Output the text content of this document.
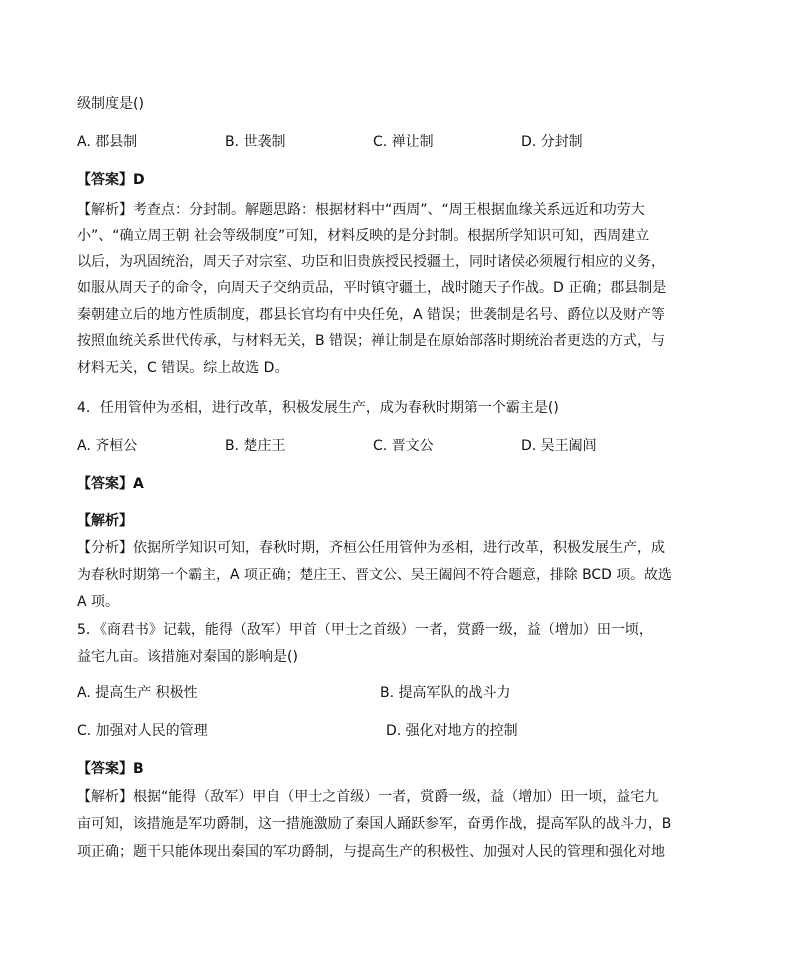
级制度是()
A. 郡县制	B. 世袭制	C. 禅让制	D. 分封制
【答案】D
【解析】考查点：分封制。解题思路：根据材料中“西周”、“周王根据血缘关系远近和功劳大
小”、“确立周王朝 社会等级制度”可知，材料反映的是分封制。根据所学知识可知，西周建立
以后，为巩固统治，周天子对宗室、功臣和旧贵族授民授疆土，同时诸侯必须履行相应的义务，
如服从周天子的命令，向周天子交纳贡品，平时镇守疆土，战时随天子作战。D 正确；郡县制是
秦朝建立后的地方性质制度，郡县长官均有中央任免，A 错误；世袭制是名号、爵位以及财产等
按照血统关系世代传承，与材料无关，B 错误；禅让制是在原始部落时期统治者更迭的方式，与
材料无关，C 错误。综上故选 D。
4．任用管仲为丞相，进行改革，积极发展生产，成为春秋时期第一个霸主是()
A. 齐桓公	B. 楚庄王	C. 晋文公	D. 吴王阖闾
【答案】A
【解析】
【分析】依据所学知识可知，春秋时期，齐桓公任用管仲为丞相，进行改革，积极发展生产，成
为春秋时期第一个霸主，A 项正确；楚庄王、晋文公、吴王阖闾不符合题意，排除 BCD 项。故选
A 项。
5．《商君书》记载，能得（敌军）甲首（甲士之首级）一者，赏爵一级，益（增加）田一顷，
益宅九亩。该措施对秦国的影响是()
A. 提高生产 积极性	B. 提高军队的战斗力
C. 加强对人民的管理	D. 强化对地方的控制
【答案】B
【解析】根据“能得（敌军）甲自（甲士之首级）一者，赏爵一级，益（增加）田一顷，益宅九
亩可知，该措施是军功爵制，这一措施激励了秦国人踊跃参军，奋勇作战，提高军队的战斗力，B
项正确；题干只能体现出秦国的军功爵制，与提高生产的积极性、加强对人民的管理和强化对地
